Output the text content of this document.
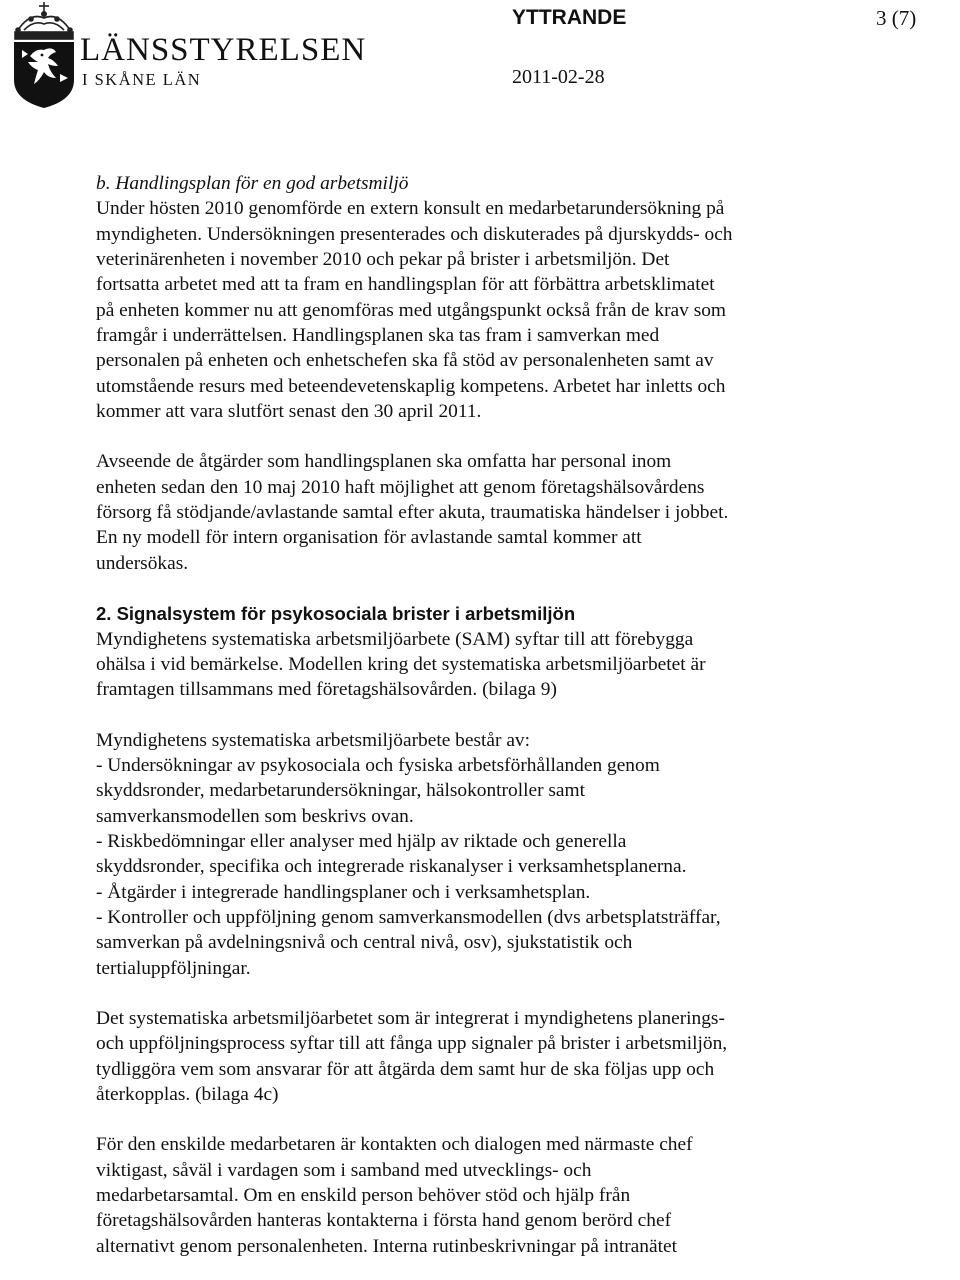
LÄNSSTYRELSEN
I SKÅNE LÄN
YTTRANDE	3 (7)
2011-02-28

b. Handlingsplan för en god arbetsmiljö

Under hösten 2010 genomförde en extern konsult en medarbetarundersökning på

myndigheten. Undersökningen presenterades och diskuterades på djurskydds- och

veterinärenheten i november 2010 och pekar på brister i arbetsmiljön. Det

fortsatta arbetet med att ta fram en handlingsplan för att förbättra arbetsklimatet

på enheten kommer nu att genomföras med utgångspunkt också från de krav som

framgår i underrättelsen. Handlingsplanen ska tas fram i samverkan med

personalen på enheten och enhetschefen ska få stöd av personalenheten samt av

utomstående resurs med beteendevetenskaplig kompetens. Arbetet har inletts och

kommer att vara slutfört senast den 30 april 2011.

Avseende de åtgärder som handlingsplanen ska omfatta har personal inom

enheten sedan den 10 maj 2010 haft möjlighet att genom företagshälsovårdens

försorg få stödjande/avlastande samtal efter akuta, traumatiska händelser i jobbet.

En ny modell för intern organisation för avlastande samtal kommer att

undersökas.

2. Signalsystem för psykosociala brister i arbetsmiljön

Myndighetens systematiska arbetsmiljöarbete (SAM) syftar till att förebygga

ohälsa i vid bemärkelse. Modellen kring det systematiska arbetsmiljöarbetet är

framtagen tillsammans med företagshälsovården. (bilaga 9)

Myndighetens systematiska arbetsmiljöarbete består av:

- Undersökningar av psykosociala och fysiska arbetsförhållanden genom

skyddsronder, medarbetarundersökningar, hälsokontroller samt

samverkansmodellen som beskrivs ovan.

- Riskbedömningar eller analyser med hjälp av riktade och generella

skyddsronder, specifika och integrerade riskanalyser i verksamhetsplanerna.

- Åtgärder i integrerade handlingsplaner och i verksamhetsplan.

- Kontroller och uppföljning genom samverkansmodellen (dvs arbetsplatsträffar,

samverkan på avdelningsnivå och central nivå, osv), sjukstatistik och

tertialuppföljningar.

Det systematiska arbetsmiljöarbetet som är integrerat i myndighetens planerings-

och uppföljningsprocess syftar till att fånga upp signaler på brister i arbetsmiljön,

tydliggöra vem som ansvarar för att åtgärda dem samt hur de ska följas upp och

återkopplas. (bilaga 4c)

För den enskilde medarbetaren är kontakten och dialogen med närmaste chef

viktigast, såväl i vardagen som i samband med utvecklings- och

medarbetarsamtal. Om en enskild person behöver stöd och hjälp från

företagshälsovården hanteras kontakterna i första hand genom berörd chef

alternativt genom personalenheten. Interna rutinbeskrivningar på intranätet
